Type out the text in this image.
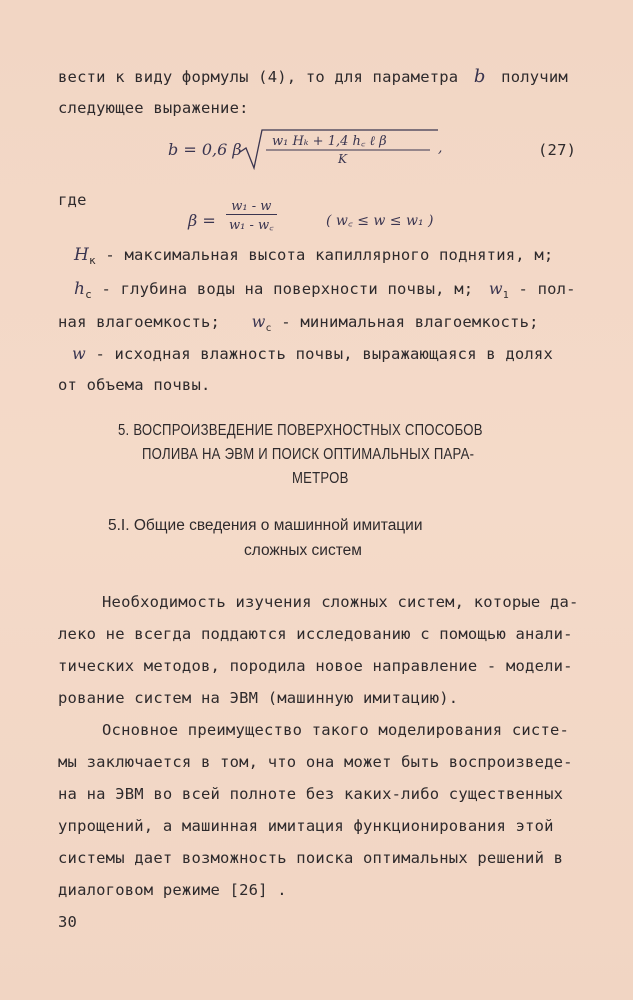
вести к виду формулы (4), то для параметра b получим
следующее выражение:
b = 0,6 β w₁ Hₖ + 1,4 h꜀ ℓ β
K
,	(27)
где
$\beta = \frac{\text{w₁ - w}}{\text{w₁ - w꜀}}$	( w꜀ ≤ w ≤ w₁ )
$H_к$ - максимальная высота капиллярного поднятия, м;
$h_c$ - глубина воды на поверхности почвы, м; $w_1 - пол-$
ная влагоемкость; $w_c$ - минимальная влагоемкость;
w - исходная влажность почвы, выражающаяся в долях
от объема почвы.
5. ВОСПРОИЗВЕДЕНИЕ ПОВЕРХНОСТНЫХ СПОСОБОВ
ПОЛИВА НА ЭВМ И ПОИСК ОПТИМАЛЬНЫХ ПАРА-
МЕТРОВ
5.I. Общие сведения о машинной имитации
сложных систем
Необходимость изучения сложных систем, которые да-
леко не всегда поддаются исследованию с помощью анали-
тических методов, породила новое направление - модели-
рование систем на ЭВМ (машинную имитацию).
Основное преимущество такого моделирования систе-
мы заключается в том, что она может быть воспроизведе-
на на ЭВМ во всей полноте без каких-либо существенных
упрощений, а машинная имитация функционирования этой
системы дает возможность поиска оптимальных решений в
диалоговом режиме [26] .
30
